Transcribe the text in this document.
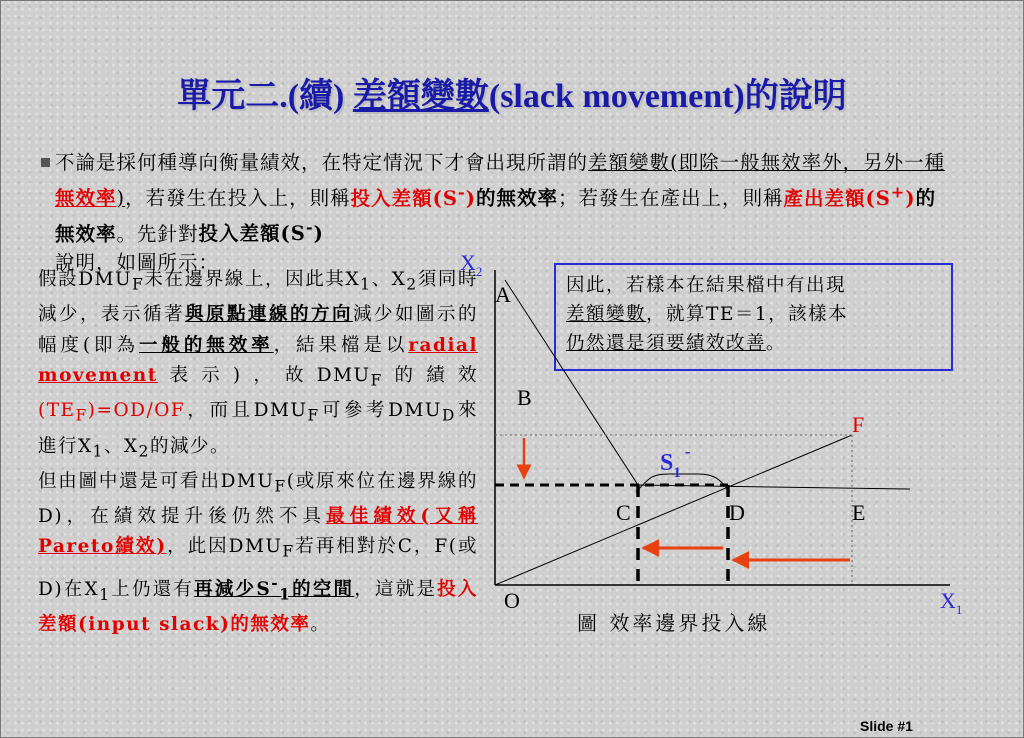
單元二.(續) 差額變數(slack movement)的說明
不論是採何種導向衡量績效，在特定情況下才會出現所謂的差額變數(即除一般無效率外，另外一種無效率)，若發生在投入上，則稱投入差額(S-)的無效率；若發生在產出上，則稱產出差額(S+)的無效率。先針對投入差額(S-)
說明，如圖所示：

假設$DMU_F$未在邊界線上，因此其$X_1$、$X_2$須同時減少，表示循著與原點連線的方向減少如圖示的幅度(即為一般的無效率，結果檔是以radial movement表示)，故$DMU_F$的績效$(TE_F)=OD/OF$，而且$DMU_F$可參考$DMU_D$來進行$X_1$、$X_2$的減少。

但由圖中還是可看出$DMU_F$(或原來位在邊界線的D)，在績效提升後仍然不具最佳績效(又稱Pareto績效)，此因$DMU_F$若再相對於C，F(或D)在$X_1$上仍還有再減少$S^-_1$的空間，這就是投入差額(input slack)的無效率。

因此，若樣本在結果檔中有出現
差額變數，就算TE＝1，該樣本
仍然還是須要績效改善。
$X_2$
$X_1$
O
A
B
C	D	E
F
$S_1^-$
圖 效率邊界投入線
Slide #1
